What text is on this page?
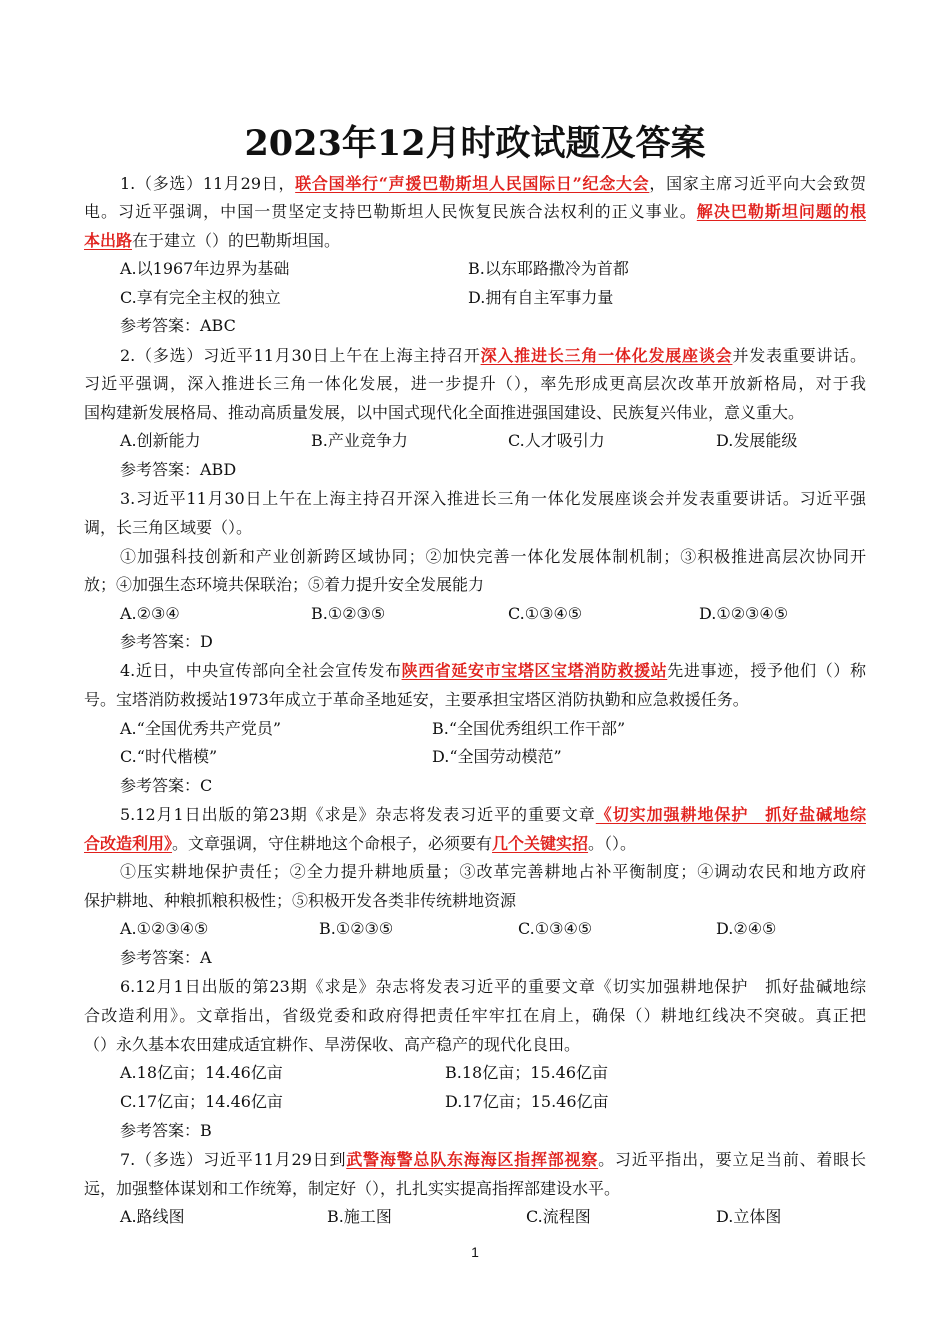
2023年12月时政试题及答案
1.（多选）11月29日，联合国举行“声援巴勒斯坦人民国际日”纪念大会，国家主席习近平向大会致贺
电。习近平强调，中国一贯坚定支持巴勒斯坦人民恢复民族合法权利的正义事业。解决巴勒斯坦问题的根
本出路在于建立（）的巴勒斯坦国。
A.以1967年边界为基础	B.以东耶路撒冷为首都
C.享有完全主权的独立	D.拥有自主军事力量
参考答案：ABC
2.（多选）习近平11月30日上午在上海主持召开深入推进长三角一体化发展座谈会并发表重要讲话。
习近平强调，深入推进长三角一体化发展，进一步提升（），率先形成更高层次改革开放新格局，对于我
国构建新发展格局、推动高质量发展，以中国式现代化全面推进强国建设、民族复兴伟业，意义重大。
A.创新能力	B.产业竞争力	C.人才吸引力	D.发展能级
参考答案：ABD
3.习近平11月30日上午在上海主持召开深入推进长三角一体化发展座谈会并发表重要讲话。习近平强
调，长三角区域要（）。
①加强科技创新和产业创新跨区域协同；②加快完善一体化发展体制机制；③积极推进高层次协同开
放；④加强生态环境共保联治；⑤着力提升安全发展能力
A.②③④	B.①②③⑤	C.①③④⑤	D.①②③④⑤
参考答案：D
4.近日，中央宣传部向全社会宣传发布陕西省延安市宝塔区宝塔消防救援站先进事迹，授予他们（）称
号。宝塔消防救援站1973年成立于革命圣地延安，主要承担宝塔区消防执勤和应急救援任务。
A.“全国优秀共产党员”	B.“全国优秀组织工作干部”
C.“时代楷模”	D.“全国劳动模范”
参考答案：C
5.12月1日出版的第23期《求是》杂志将发表习近平的重要文章《切实加强耕地保护　抓好盐碱地综
合改造利用》。文章强调，守住耕地这个命根子，必须要有几个关键实招。（）。
①压实耕地保护责任；②全力提升耕地质量；③改革完善耕地占补平衡制度；④调动农民和地方政府
保护耕地、种粮抓粮积极性；⑤积极开发各类非传统耕地资源
A.①②③④⑤	B.①②③⑤	C.①③④⑤	D.②④⑤
参考答案：A
6.12月1日出版的第23期《求是》杂志将发表习近平的重要文章《切实加强耕地保护　抓好盐碱地综
合改造利用》。文章指出，省级党委和政府得把责任牢牢扛在肩上，确保（）耕地红线决不突破。真正把
（）永久基本农田建成适宜耕作、旱涝保收、高产稳产的现代化良田。
A.18亿亩；14.46亿亩	B.18亿亩；15.46亿亩
C.17亿亩；14.46亿亩	D.17亿亩；15.46亿亩
参考答案：B
7.（多选）习近平11月29日到武警海警总队东海海区指挥部视察。习近平指出，要立足当前、着眼长
远，加强整体谋划和工作统筹，制定好（），扎扎实实提高指挥部建设水平。
A.路线图	B.施工图	C.流程图	D.立体图
1
